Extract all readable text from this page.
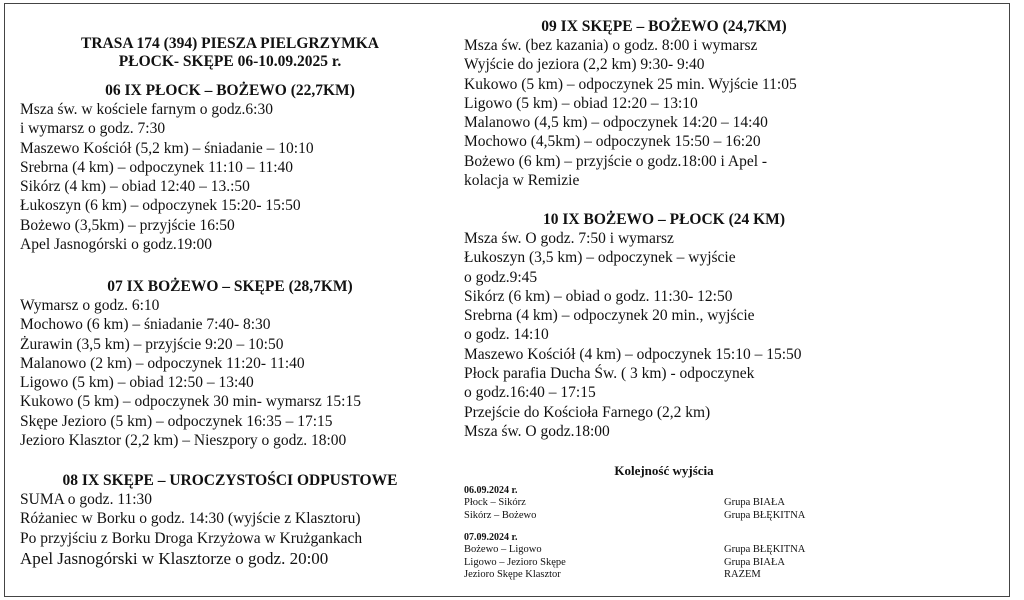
TRASA 174 (394) PIESZA PIELGRZYMKA
PŁOCK- SKĘPE 06-10.09.2025 r.
06 IX PŁOCK – BOŻEWO (22,7KM)
Msza św. w kościele farnym o godz.6:30
i wymarsz o godz. 7:30
Maszewo Kościół (5,2 km) – śniadanie – 10:10
Srebrna (4 km) – odpoczynek 11:10 – 11:40
Sikórz (4 km) – obiad 12:40 – 13.:50
Łukoszyn (6 km) – odpoczynek 15:20- 15:50
Bożewo (3,5km) – przyjście 16:50
Apel Jasnogórski o godz.19:00
07 IX BOŻEWO – SKĘPE (28,7KM)
Wymarsz o godz. 6:10
Mochowo (6 km) – śniadanie 7:40- 8:30
Żurawin (3,5 km) – przyjście 9:20 – 10:50
Malanowo (2 km) – odpoczynek 11:20- 11:40
Ligowo (5 km) – obiad 12:50 – 13:40
Kukowo (5 km) – odpoczynek 30 min- wymarsz 15:15
Skępe Jezioro (5 km) – odpoczynek 16:35 – 17:15
Jezioro Klasztor (2,2 km) – Nieszpory o godz. 18:00
08 IX SKĘPE – UROCZYSTOŚCI ODPUSTOWE
SUMA o godz. 11:30
Różaniec w Borku o godz. 14:30 (wyjście z Klasztoru)
Po przyjściu z Borku Droga Krzyżowa w Krużgankach
Apel Jasnogórski w Klasztorze o godz. 20:00
09 IX SKĘPE – BOŻEWO (24,7KM)
Msza św. (bez kazania) o godz. 8:00 i wymarsz
Wyjście do jeziora (2,2 km) 9:30- 9:40
Kukowo (5 km) – odpoczynek 25 min. Wyjście 11:05
Ligowo (5 km) – obiad 12:20 – 13:10
Malanowo (4,5 km) – odpoczynek 14:20 – 14:40
Mochowo (4,5km) – odpoczynek 15:50 – 16:20
Bożewo (6 km) – przyjście o godz.18:00 i Apel -
kolacja w Remizie
10 IX BOŻEWO – PŁOCK (24 KM)
Msza św. O godz. 7:50 i wymarsz
Łukoszyn (3,5 km) – odpoczynek – wyjście
o godz.9:45
Sikórz (6 km) – obiad o godz. 11:30- 12:50
Srebrna (4 km) – odpoczynek 20 min., wyjście
o godz. 14:10
Maszewo Kościół (4 km) – odpoczynek 15:10 – 15:50
Płock parafia Ducha Św. ( 3 km) - odpoczynek
o godz.16:40 – 17:15
Przejście do Kościoła Farnego (2,2 km)
Msza św. O godz.18:00
Kolejność wyjścia
06.09.2024 r.
Płock – Sikórz	Grupa BIAŁA
Sikórz – Bożewo	Grupa BŁĘKITNA
07.09.2024 r.
Bożewo – Ligowo	Grupa BŁĘKITNA
Ligowo – Jezioro Skępe	Grupa BIAŁA
Jezioro Skępe Klasztor	RAZEM
